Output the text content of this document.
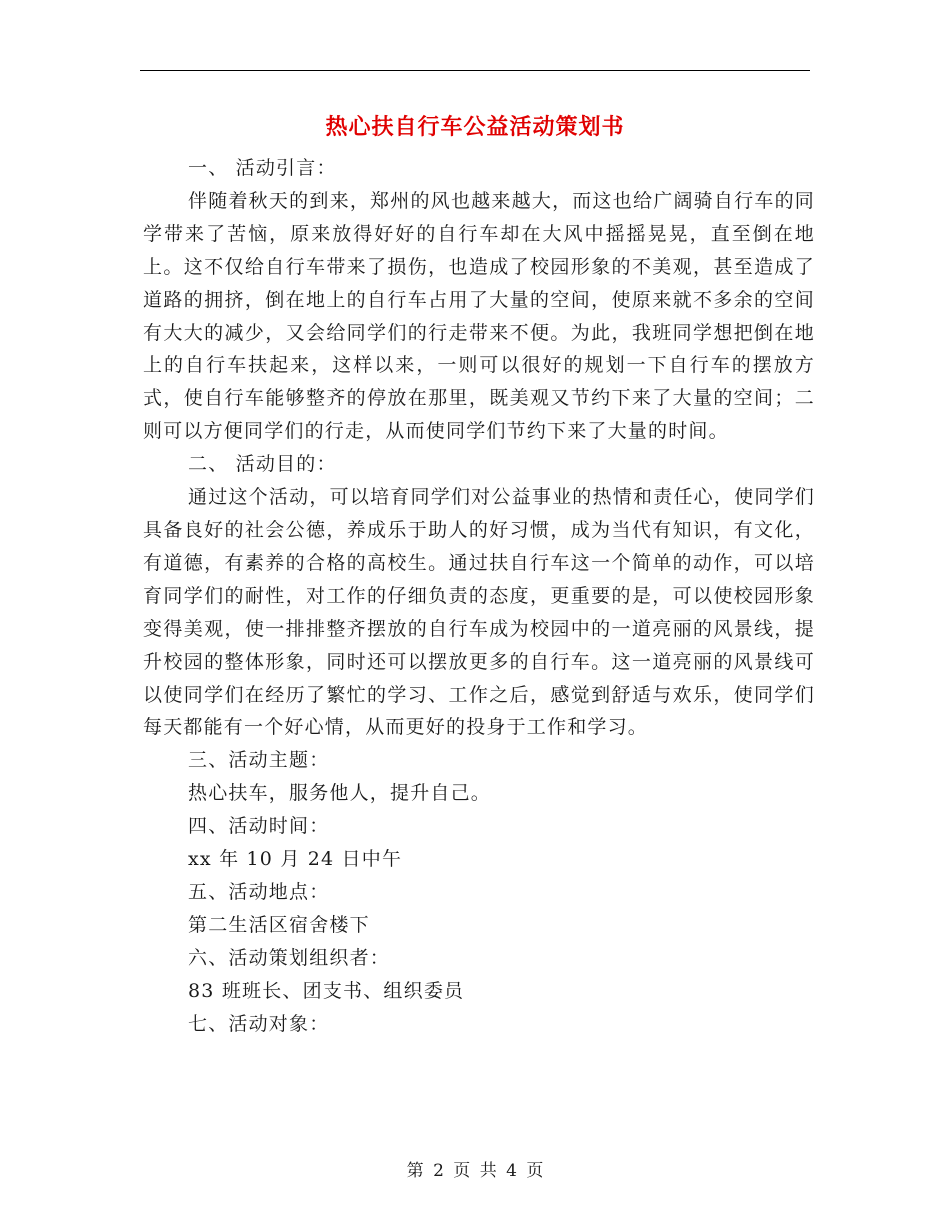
热心扶自行车公益活动策划书

一、 活动引言：

伴随着秋天的到来，郑州的风也越来越大，而这也给广阔骑自行车的同学带来了苦恼，原来放得好好的自行车却在大风中摇摇晃晃，直至倒在地上。这不仅给自行车带来了损伤，也造成了校园形象的不美观，甚至造成了道路的拥挤，倒在地上的自行车占用了大量的空间，使原来就不多余的空间有大大的减少，又会给同学们的行走带来不便。为此，我班同学想把倒在地上的自行车扶起来，这样以来，一则可以很好的规划一下自行车的摆放方式，使自行车能够整齐的停放在那里，既美观又节约下来了大量的空间；二则可以方便同学们的行走，从而使同学们节约下来了大量的时间。

二、 活动目的：

通过这个活动，可以培育同学们对公益事业的热情和责任心，使同学们具备良好的社会公德，养成乐于助人的好习惯，成为当代有知识，有文化，有道德，有素养的合格的高校生。通过扶自行车这一个简单的动作，可以培育同学们的耐性，对工作的仔细负责的态度，更重要的是，可以使校园形象变得美观，使一排排整齐摆放的自行车成为校园中的一道亮丽的风景线，提升校园的整体形象，同时还可以摆放更多的自行车。这一道亮丽的风景线可以使同学们在经历了繁忙的学习、工作之后，感觉到舒适与欢乐，使同学们每天都能有一个好心情，从而更好的投身于工作和学习。

三、活动主题：

热心扶车，服务他人，提升自己。

四、活动时间：

xx 年 10 月 24 日中午

五、活动地点：

第二生活区宿舍楼下

六、活动策划组织者：

83 班班长、团支书、组织委员

七、活动对象：

第 2 页 共 4 页
